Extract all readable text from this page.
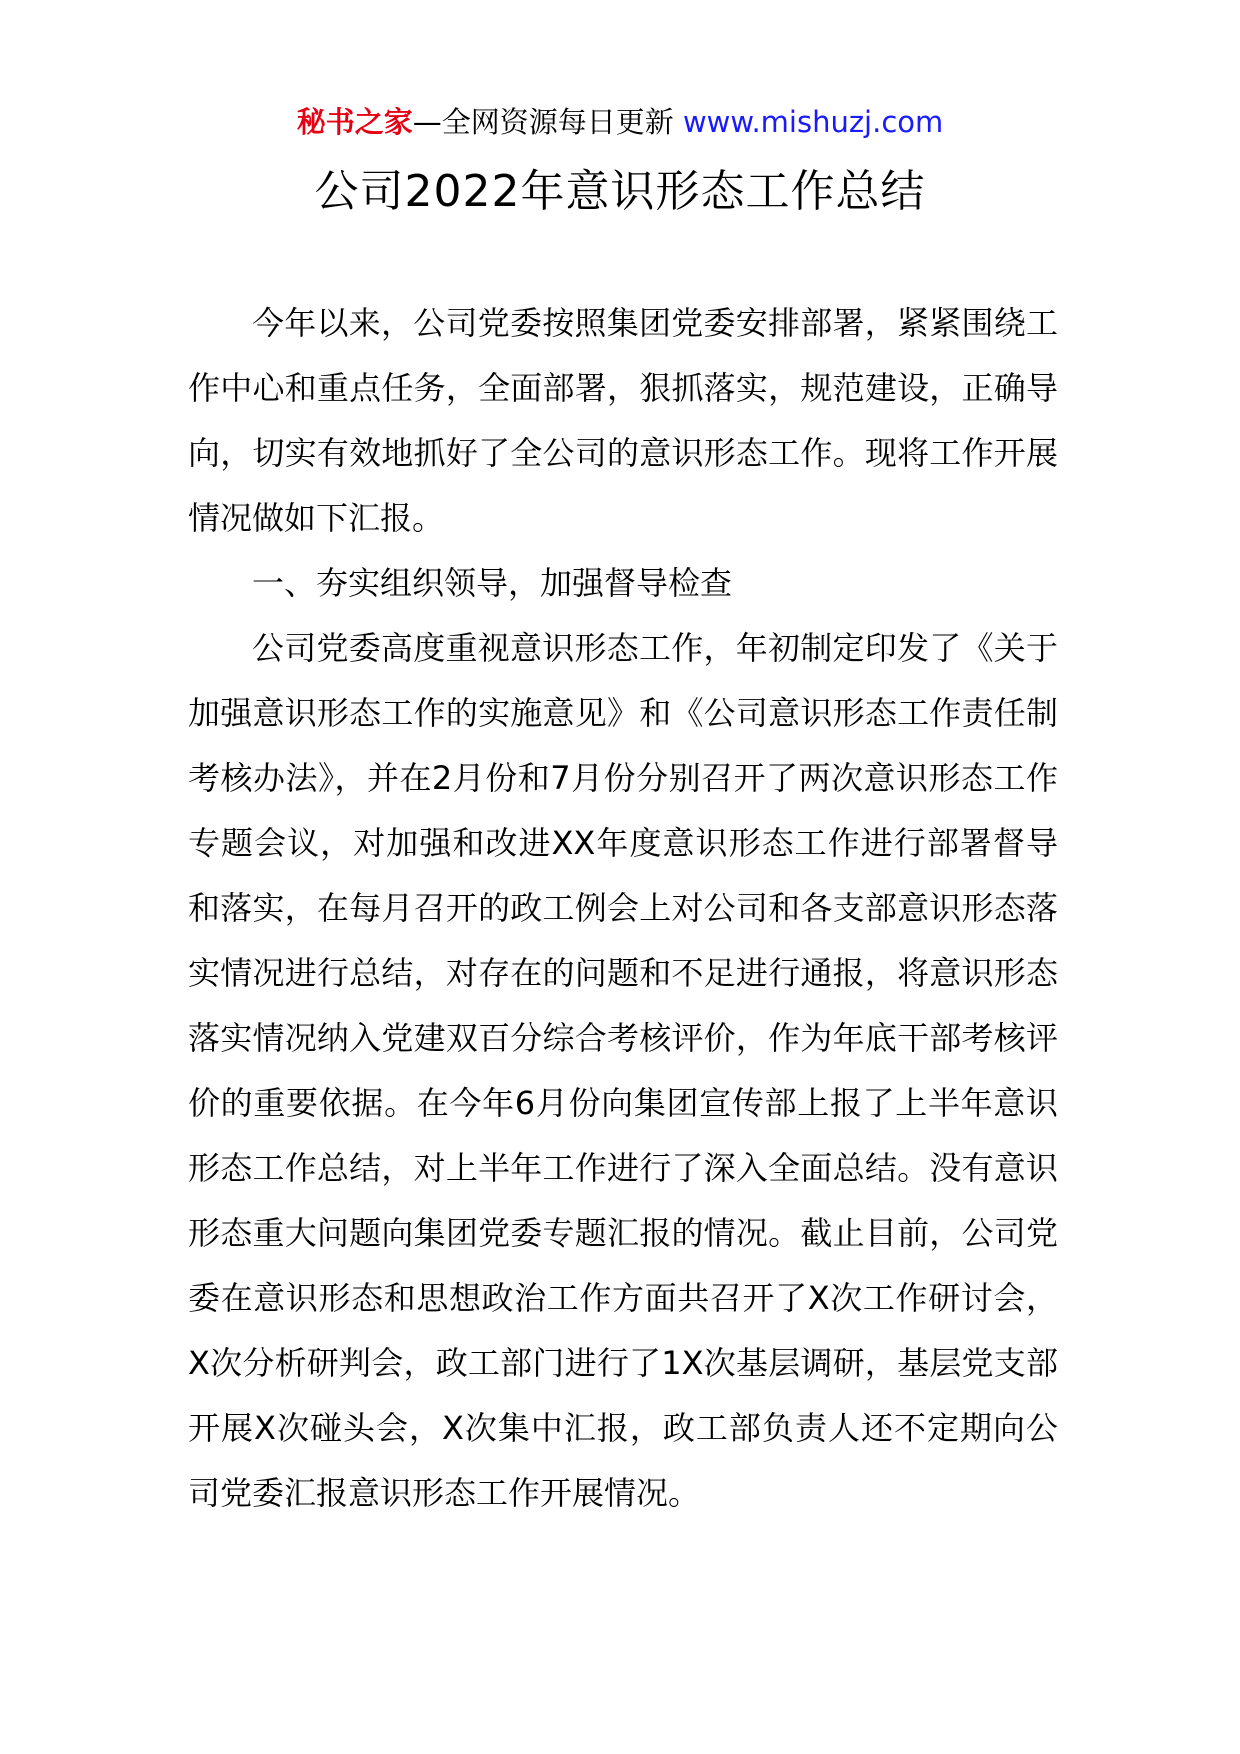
秘书之家—全网资源每日更新 www.mishuzj.com
公司2022年意识形态工作总结

今年以来，公司党委按照集团党委安排部署，紧紧围绕工作中心和重点任务，全面部署，狠抓落实，规范建设，正确导向，切实有效地抓好了全公司的意识形态工作。现将工作开展情况做如下汇报。

一、夯实组织领导，加强督导检查

公司党委高度重视意识形态工作，年初制定印发了《关于加强意识形态工作的实施意见》和《公司意识形态工作责任制考核办法》，并在2月份和7月份分别召开了两次意识形态工作专题会议，对加强和改进XX年度意识形态工作进行部署督导和落实，在每月召开的政工例会上对公司和各支部意识形态落实情况进行总结，对存在的问题和不足进行通报，将意识形态落实情况纳入党建双百分综合考核评价，作为年底干部考核评价的重要依据。在今年6月份向集团宣传部上报了上半年意识形态工作总结，对上半年工作进行了深入全面总结。没有意识形态重大问题向集团党委专题汇报的情况。截止目前，公司党委在意识形态和思想政治工作方面共召开了X次工作研讨会，X次分析研判会，政工部门进行了1X次基层调研，基层党支部开展X次碰头会，X次集中汇报，政工部负责人还不定期向公司党委汇报意识形态工作开展情况。
